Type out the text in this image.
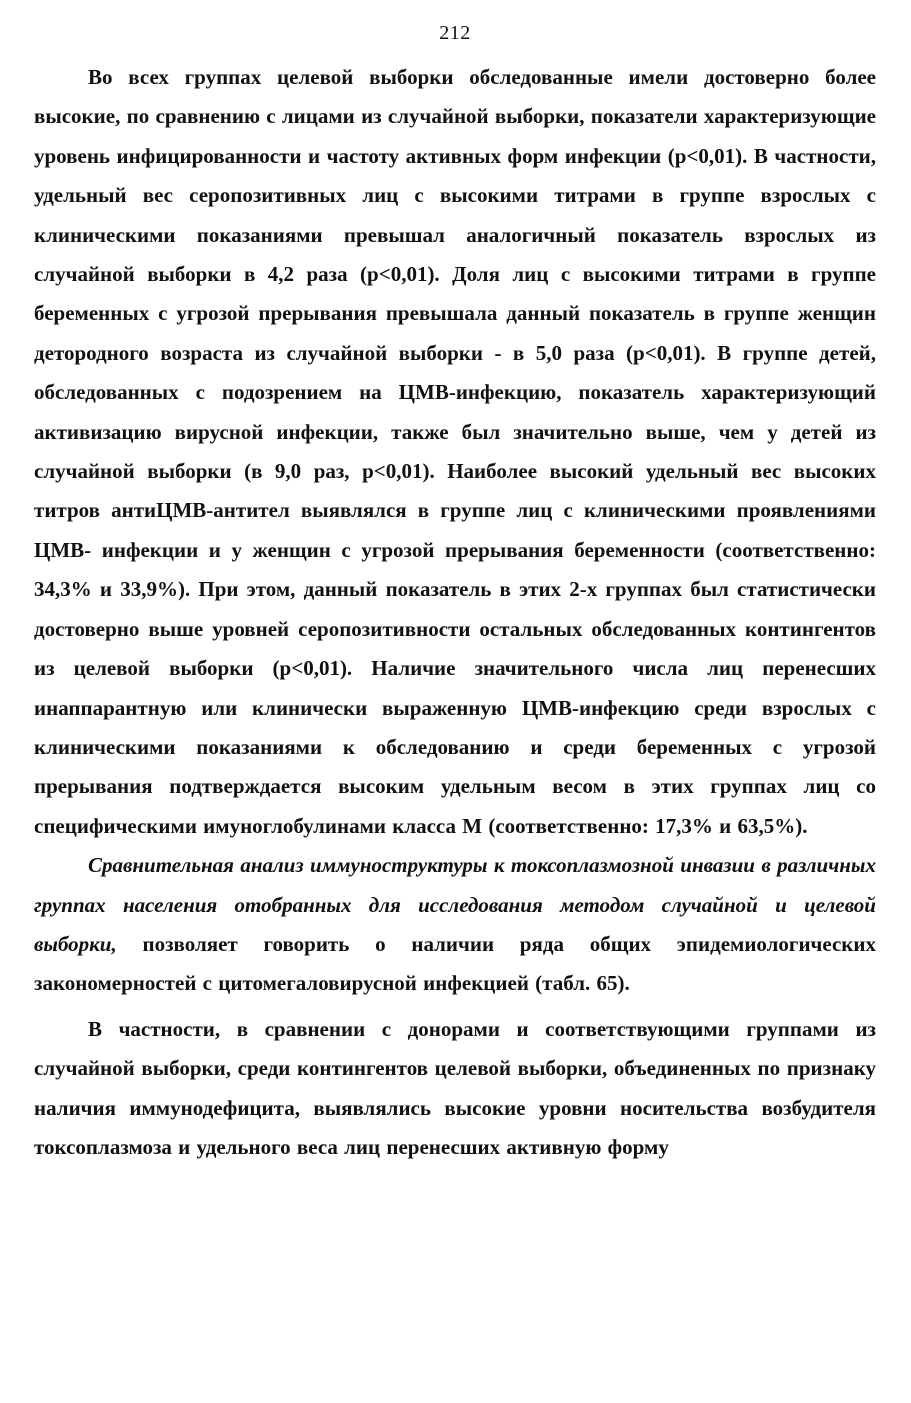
212

Во всех группах целевой выборки обследованные имели достоверно более высокие, по сравнению с лицами из случайной выборки, показатели характеризующие уровень инфицированности и частоту активных форм инфекции (р<0,01). В частности, удельный вес серопозитивных лиц с высокими титрами в группе взрослых с клиническими показаниями превышал аналогичный показатель взрослых из случайной выборки в 4,2 раза (р<0,01). Доля лиц с высокими титрами в группе беременных с угрозой прерывания превышала данный показатель в группе женщин детородного возраста из случайной выборки - в 5,0 раза (р<0,01). В группе детей, обследованных с подозрением на ЦМВ-инфекцию, показатель характеризующий активизацию вирусной инфекции, также был значительно выше, чем у детей из случайной выборки (в 9,0 раз, р<0,01). Наиболее высокий удельный вес высоких титров антиЦМВ-антител выявлялся в группе лиц с клиническими проявлениями ЦМВ- инфекции и у женщин с угрозой прерывания беременности (соответственно: 34,3% и 33,9%). При этом, данный показатель в этих 2-х группах был статистически достоверно выше уровней серопозитивности остальных обследованных контингентов из целевой выборки (р<0,01). Наличие значительного числа лиц перенесших инаппарантную или клинически выраженную ЦМВ-инфекцию среди взрослых с клиническими показаниями к обследованию и среди беременных с угрозой прерывания подтверждается высоким удельным весом в этих группах лиц со специфическими имуноглобулинами класса М (соответственно: 17,3% и 63,5%).

Сравнительная анализ иммуноструктуры к токсоплазмозной инвазии в различных группах населения отобранных для исследования методом случайной и целевой выборки, позволяет говорить о наличии ряда общих эпидемиологических закономерностей с цитомегаловирусной инфекцией (табл. 65).

В частности, в сравнении с донорами и соответствующими группами из случайной выборки, среди контингентов целевой выборки, объединенных по признаку наличия иммунодефицита, выявлялись высокие уровни носительства возбудителя токсоплазмоза и удельного веса лиц перенесших активную форму
